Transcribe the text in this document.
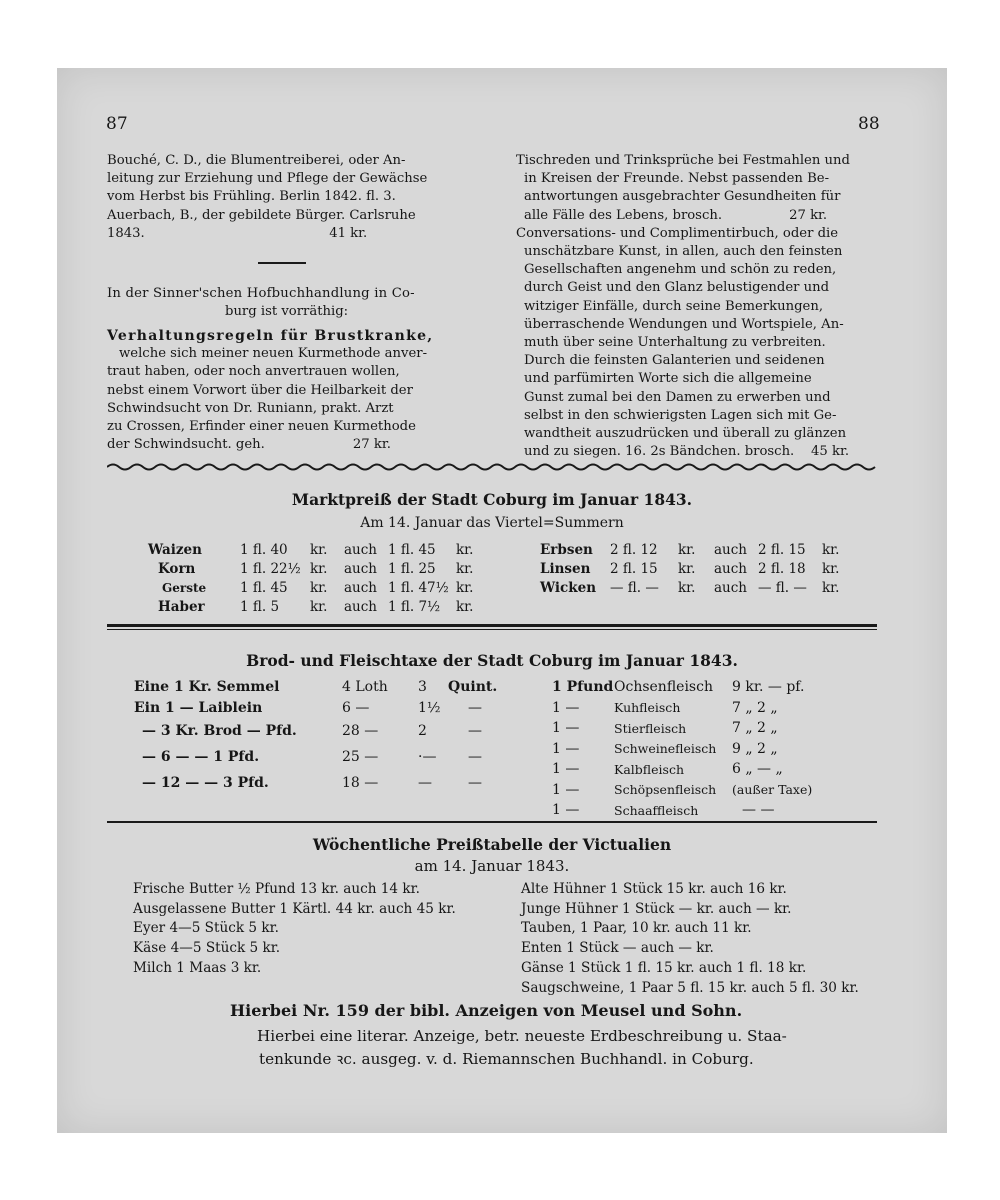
87	88
Bouché, C. D., die Blumentreiberei, oder An-
leitung zur Erziehung und Pflege der Gewächse
vom Herbst bis Frühling. Berlin 1842. fl. 3.
Auerbach, B., der gebildete Bürger. Carlsruhe
1843.                                            41 kr.
In der Sinner'schen Hofbuchhandlung in Co-
burg ist vorräthig:
Verhaltungsregeln für Brustkranke,
welche sich meiner neuen Kurmethode anver-
traut haben, oder noch anvertrauen wollen,
nebst einem Vorwort über die Heilbarkeit der
Schwindsucht von Dr. Runiann, prakt. Arzt
zu Crossen, Erfinder einer neuen Kurmethode
der Schwindsucht. geh.                     27 kr.
Tischreden und Trinksprüche bei Festmahlen und
in Kreisen der Freunde. Nebst passenden Be-
antwortungen ausgebrachter Gesundheiten für
alle Fälle des Lebens, brosch.                27 kr.
Conversations- und Complimentirbuch, oder die
unschätzbare Kunst, in allen, auch den feinsten
Gesellschaften angenehm und schön zu reden,
durch Geist und den Glanz belustigender und
witziger Einfälle, durch seine Bemerkungen,
überraschende Wendungen und Wortspiele, An-
muth über seine Unterhaltung zu verbreiten.
Durch die feinsten Galanterien und seidenen
und parfümirten Worte sich die allgemeine
Gunst zumal bei den Damen zu erwerben und
selbst in den schwierigsten Lagen sich mit Ge-
wandtheit auszudrücken und überall zu glänzen
und zu siegen. 16. 2s Bändchen. brosch.    45 kr.
Marktpreiß der Stadt Coburg im Januar 1843.
Am 14. Januar das Viertel=Summern
Waizen	1 fl. 40	kr.	auch	1 fl. 45	kr.
Korn	1 fl. 22½	kr.	auch	1 fl. 25	kr.
Gerste	1 fl. 45	kr.	auch	1 fl. 47½	kr.
Haber	1 fl. 5	kr.	auch	1 fl. 7½	kr.
Erbsen	2 fl. 12	kr.	auch	2 fl. 15	kr.
Linsen	2 fl. 15	kr.	auch	2 fl. 18	kr.
Wicken	— fl. —	kr.	auch	— fl. —	kr.
Brod- und Fleischtaxe der Stadt Coburg im Januar 1843.
Eine 1 Kr. Semmel	4 Loth	3	Quint.
Ein 1 — Laiblein	6 —	1½	—
— 3 Kr. Brod — Pfd.	28 —	2	—
— 6 — — 1 Pfd.	25 —	·—	—
— 12 — — 3 Pfd.	18 —	—	—
1 Pfund	Ochsenfleisch	9 kr. — pf.
1 —	Kuhfleisch	7 „ 2 „
1 —	Stierfleisch	7 „ 2 „
1 —	Schweinefleisch	9 „ 2 „
1 —	Kalbfleisch	6 „ — „
1 —	Schöpsenfleisch	(außer Taxe)
1 —	Schaaffleisch	— —
Wöchentliche Preißtabelle der Victualien
am 14. Januar 1843.
Frische Butter ½ Pfund 13 kr. auch 14 kr.
Ausgelassene Butter 1 Kärtl. 44 kr. auch 45 kr.
Eyer 4—5 Stück 5 kr.
Käse 4—5 Stück 5 kr.
Milch 1 Maas 3 kr.
Alte Hühner 1 Stück 15 kr. auch 16 kr.
Junge Hühner 1 Stück — kr. auch — kr.
Tauben, 1 Paar, 10 kr. auch 11 kr.
Enten 1 Stück — auch — kr.
Gänse 1 Stück 1 fl. 15 kr. auch 1 fl. 18 kr.
Saugschweine, 1 Paar 5 fl. 15 kr. auch 5 fl. 30 kr.
Hierbei Nr. 159 der bibl. Anzeigen von Meusel und Sohn.
Hierbei eine literar. Anzeige, betr. neueste Erdbeschreibung u. Staa-
tenkunde ꝛc. ausgeg. v. d. Riemannschen Buchhandl. in Coburg.
